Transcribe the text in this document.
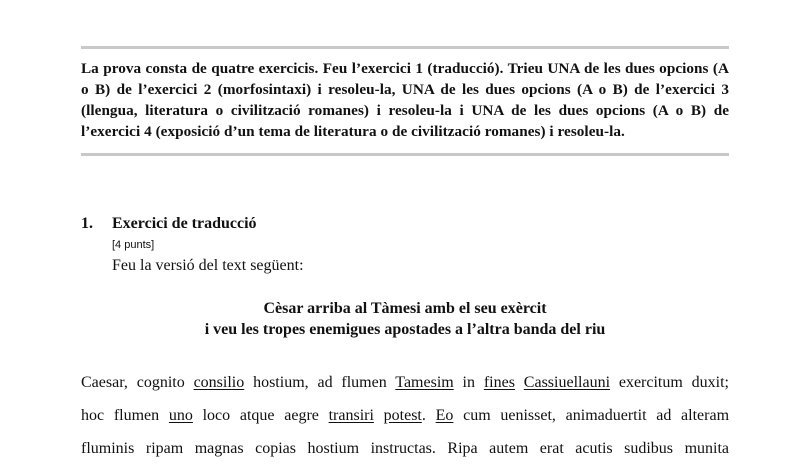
La prova consta de quatre exercicis. Feu l’exercici 1 (traducció). Trieu UNA de les dues opcions (A o B) de l’exercici 2 (morfosintaxi) i resoleu-la, UNA de les dues opcions (A o B) de l’exercici 3 (llengua, literatura o civilització romanes) i resoleu-la i UNA de les dues opcions (A o B) de l’exercici 4 (exposició d’un tema de literatura o de civilització romanes) i resoleu-la.

1. Exercici de traducció
[4 punts]
Feu la versió del text següent:
Cèsar arriba al Tàmesi amb el seu exèrcit
i veu les tropes enemigues apostades a l’altra banda del riu
Caesar, cognito consilio hostium, ad flumen Tamesim in fines Cassiuellauni exercitum duxit;
hoc flumen uno loco atque aegre transiri potest. Eo cum uenisset, animaduertit ad alteram
fluminis ripam magnas copias hostium instructas. Ripa autem erat acutis sudibus munita
